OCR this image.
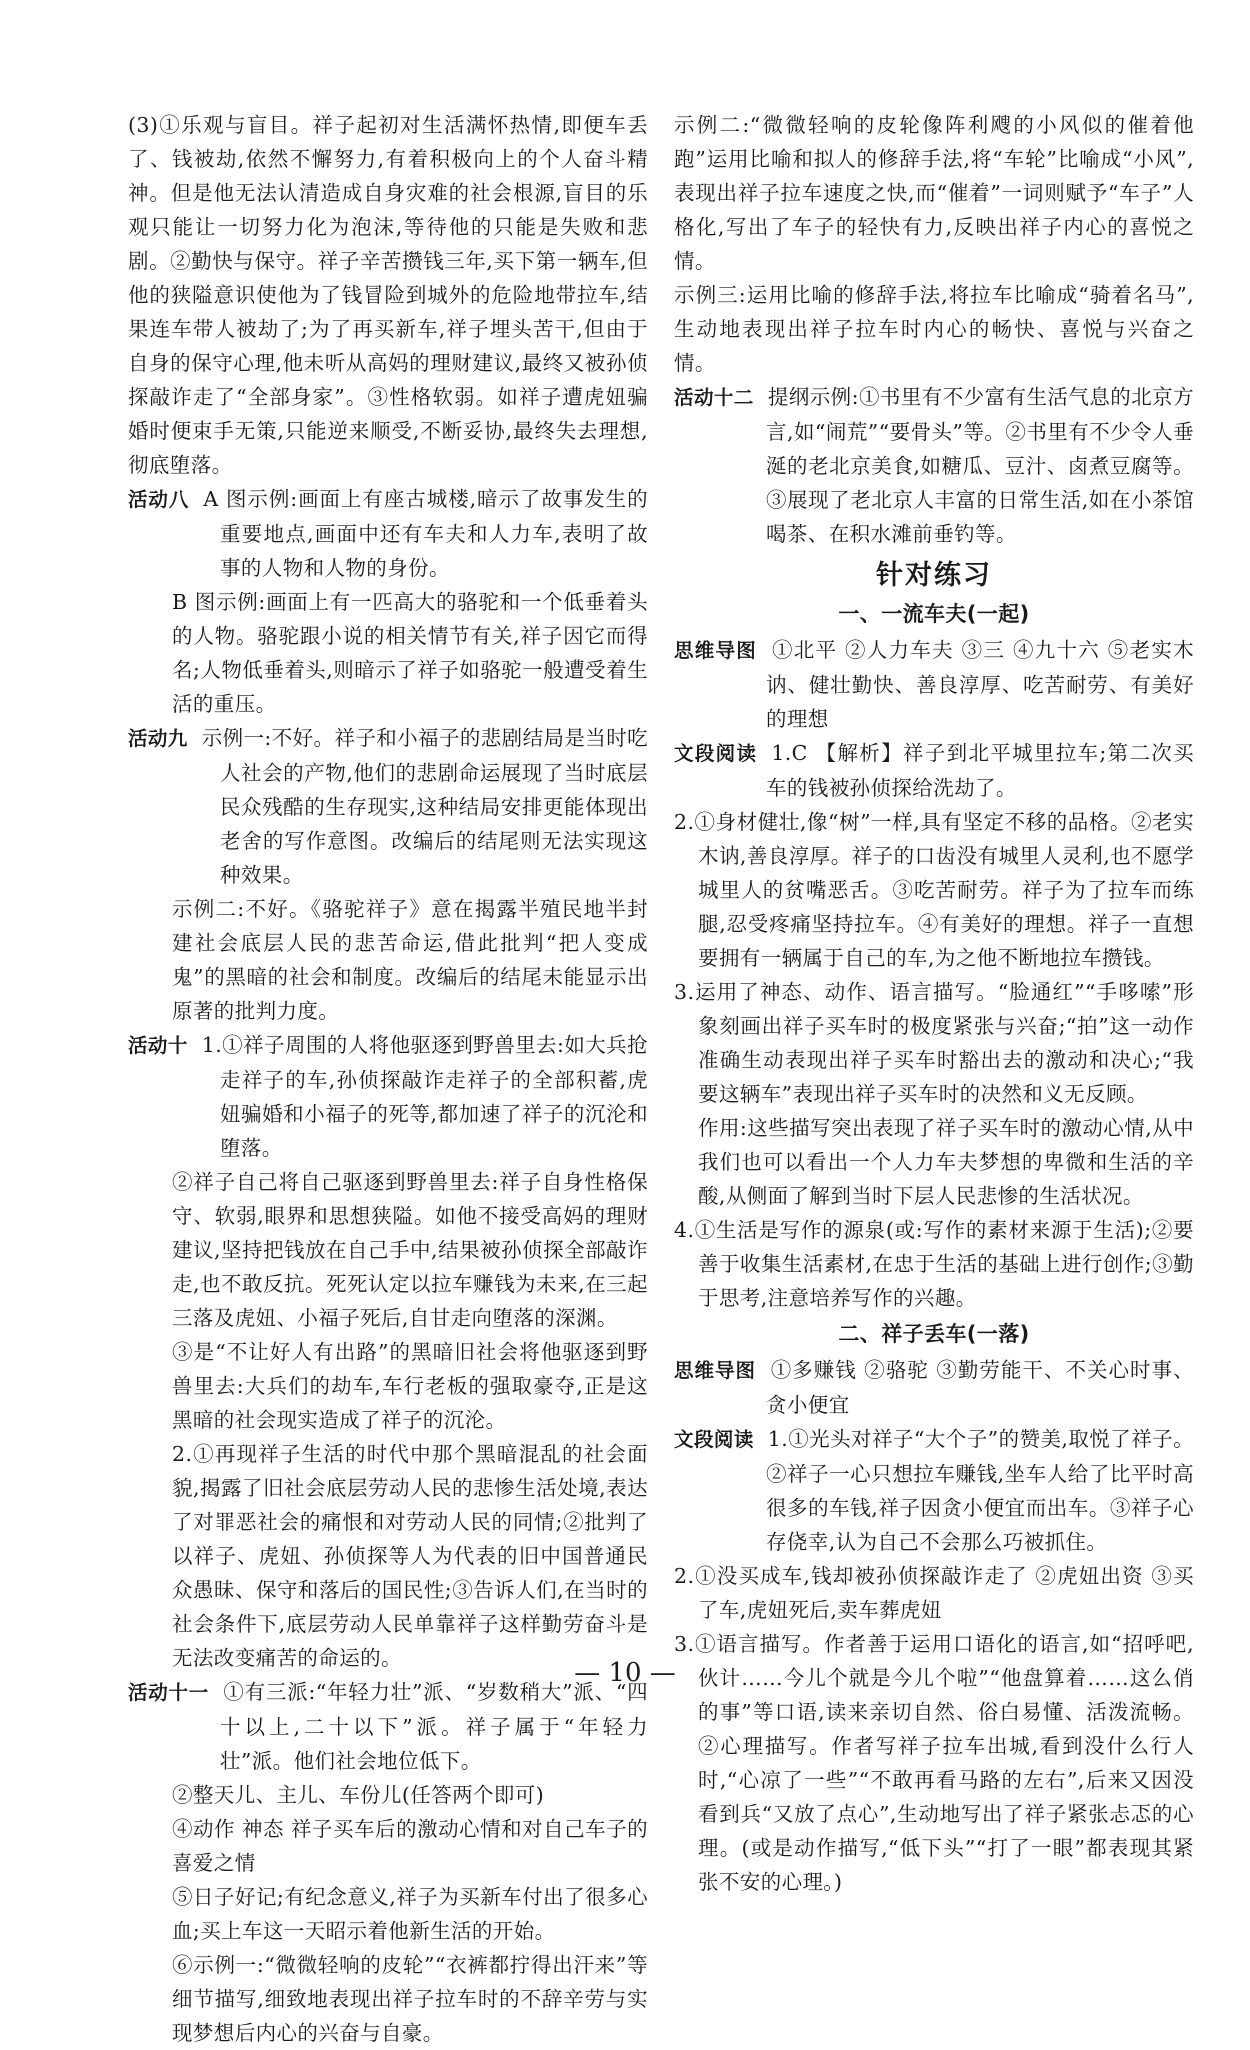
(3)①乐观与盲目。祥子起初对生活满怀热情,即便车丢了、钱被劫,依然不懈努力,有着积极向上的个人奋斗精神。但是他无法认清造成自身灾难的社会根源,盲目的乐观只能让一切努力化为泡沫,等待他的只能是失败和悲剧。②勤快与保守。祥子辛苦攒钱三年,买下第一辆车,但他的狭隘意识使他为了钱冒险到城外的危险地带拉车,结果连车带人被劫了;为了再买新车,祥子埋头苦干,但由于自身的保守心理,他未听从高妈的理财建议,最终又被孙侦探敲诈走了“全部身家”。③性格软弱。如祥子遭虎妞骗婚时便束手无策,只能逆来顺受,不断妥协,最终失去理想,彻底堕落。

活动八 A 图示例:画面上有座古城楼,暗示了故事发生的重要地点,画面中还有车夫和人力车,表明了故事的人物和人物的身份。

B 图示例:画面上有一匹高大的骆驼和一个低垂着头的人物。骆驼跟小说的相关情节有关,祥子因它而得名;人物低垂着头,则暗示了祥子如骆驼一般遭受着生活的重压。

活动九 示例一:不好。祥子和小福子的悲剧结局是当时吃人社会的产物,他们的悲剧命运展现了当时底层民众残酷的生存现实,这种结局安排更能体现出老舍的写作意图。改编后的结尾则无法实现这种效果。

示例二:不好。《骆驼祥子》意在揭露半殖民地半封建社会底层人民的悲苦命运,借此批判“把人变成鬼”的黑暗的社会和制度。改编后的结尾未能显示出原著的批判力度。

活动十 1.①祥子周围的人将他驱逐到野兽里去:如大兵抢走祥子的车,孙侦探敲诈走祥子的全部积蓄,虎妞骗婚和小福子的死等,都加速了祥子的沉沦和堕落。

②祥子自己将自己驱逐到野兽里去:祥子自身性格保守、软弱,眼界和思想狭隘。如他不接受高妈的理财建议,坚持把钱放在自己手中,结果被孙侦探全部敲诈走,也不敢反抗。死死认定以拉车赚钱为未来,在三起三落及虎妞、小福子死后,自甘走向堕落的深渊。

③是“不让好人有出路”的黑暗旧社会将他驱逐到野兽里去:大兵们的劫车,车行老板的强取豪夺,正是这黑暗的社会现实造成了祥子的沉沦。

2.①再现祥子生活的时代中那个黑暗混乱的社会面貌,揭露了旧社会底层劳动人民的悲惨生活处境,表达了对罪恶社会的痛恨和对劳动人民的同情;②批判了以祥子、虎妞、孙侦探等人为代表的旧中国普通民众愚昧、保守和落后的国民性;③告诉人们,在当时的社会条件下,底层劳动人民单靠祥子这样勤劳奋斗是无法改变痛苦的命运的。

活动十一 ①有三派:“年轻力壮”派、“岁数稍大”派、“四十以上,二十以下”派。祥子属于“年轻力壮”派。他们社会地位低下。

②整天儿、主儿、车份儿(任答两个即可)

④动作 神态 祥子买车后的激动心情和对自己车子的喜爱之情

⑤日子好记;有纪念意义,祥子为买新车付出了很多心血;买上车这一天昭示着他新生活的开始。

⑥示例一:“微微轻响的皮轮”“衣裤都拧得出汗来”等细节描写,细致地表现出祥子拉车时的不辞辛劳与实现梦想后内心的兴奋与自豪。

示例二:“微微轻响的皮轮像阵利飕的小风似的催着他跑”运用比喻和拟人的修辞手法,将“车轮”比喻成“小风”,表现出祥子拉车速度之快,而“催着”一词则赋予“车子”人格化,写出了车子的轻快有力,反映出祥子内心的喜悦之情。

示例三:运用比喻的修辞手法,将拉车比喻成“骑着名马”,生动地表现出祥子拉车时内心的畅快、喜悦与兴奋之情。

活动十二 提纲示例:①书里有不少富有生活气息的北京方言,如“闹荒”“要骨头”等。②书里有不少令人垂涎的老北京美食,如糖瓜、豆汁、卤煮豆腐等。③展现了老北京人丰富的日常生活,如在小茶馆喝茶、在积水滩前垂钓等。

针对练习
一、一流车夫(一起)

思维导图 ①北平 ②人力车夫 ③三 ④九十六 ⑤老实木讷、健壮勤快、善良淳厚、吃苦耐劳、有美好的理想

文段阅读 1.C 【解析】祥子到北平城里拉车;第二次买车的钱被孙侦探给洗劫了。

2.①身材健壮,像“树”一样,具有坚定不移的品格。②老实木讷,善良淳厚。祥子的口齿没有城里人灵利,也不愿学城里人的贫嘴恶舌。③吃苦耐劳。祥子为了拉车而练腿,忍受疼痛坚持拉车。④有美好的理想。祥子一直想要拥有一辆属于自己的车,为之他不断地拉车攒钱。

3.运用了神态、动作、语言描写。“脸通红”“手哆嗦”形象刻画出祥子买车时的极度紧张与兴奋;“拍”这一动作准确生动表现出祥子买车时豁出去的激动和决心;“我要这辆车”表现出祥子买车时的决然和义无反顾。

作用:这些描写突出表现了祥子买车时的激动心情,从中我们也可以看出一个人力车夫梦想的卑微和生活的辛酸,从侧面了解到当时下层人民悲惨的生活状况。

4.①生活是写作的源泉(或:写作的素材来源于生活);②要善于收集生活素材,在忠于生活的基础上进行创作;③勤于思考,注意培养写作的兴趣。

二、祥子丢车(一落)

思维导图 ①多赚钱 ②骆驼 ③勤劳能干、不关心时事、贪小便宜

文段阅读 1.①光头对祥子“大个子”的赞美,取悦了祥子。②祥子一心只想拉车赚钱,坐车人给了比平时高很多的车钱,祥子因贪小便宜而出车。③祥子心存侥幸,认为自己不会那么巧被抓住。

2.①没买成车,钱却被孙侦探敲诈走了 ②虎妞出资 ③买了车,虎妞死后,卖车葬虎妞

3.①语言描写。作者善于运用口语化的语言,如“招呼吧,伙计……今儿个就是今儿个啦”“他盘算着……这么俏的事”等口语,读来亲切自然、俗白易懂、活泼流畅。②心理描写。作者写祥子拉车出城,看到没什么行人时,“心凉了一些”“不敢再看马路的左右”,后来又因没看到兵“又放了点心”,生动地写出了祥子紧张忐忑的心理。(或是动作描写,“低下头”“打了一眼”都表现其紧张不安的心理。)

— 10 —
